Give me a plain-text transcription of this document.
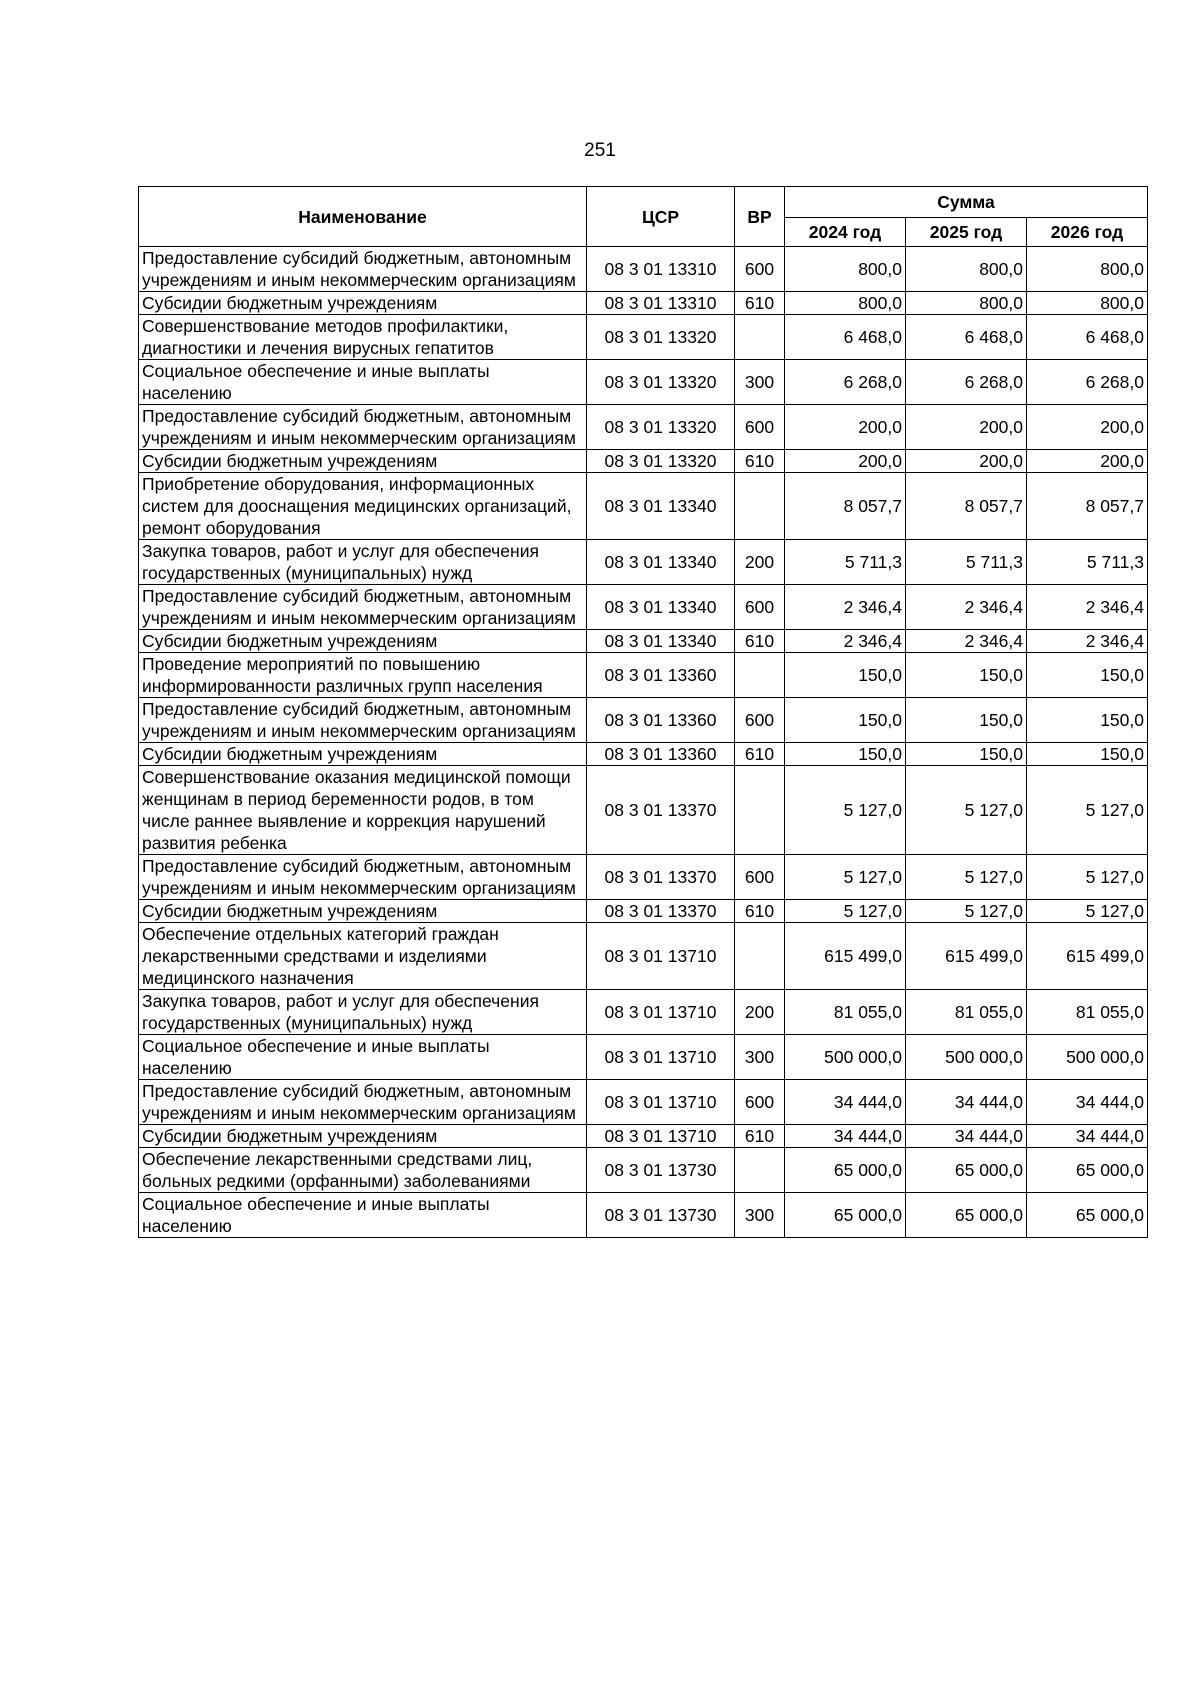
251
Наименование	ЦСР	ВР	Сумма		
			2024 год	2025 год	2026 год
Предоставление субсидий бюджетным, автономным учреждениям и иным некоммерческим организациям	08 3 01 13310	600	800,0	800,0	800,0
Субсидии бюджетным учреждениям	08 3 01 13310	610	800,0	800,0	800,0
Совершенствование методов профилактики, диагностики и лечения вирусных гепатитов	08 3 01 13320		6 468,0	6 468,0	6 468,0
Социальное обеспечение и иные выплаты населению	08 3 01 13320	300	6 268,0	6 268,0	6 268,0
Предоставление субсидий бюджетным, автономным учреждениям и иным некоммерческим организациям	08 3 01 13320	600	200,0	200,0	200,0
Субсидии бюджетным учреждениям	08 3 01 13320	610	200,0	200,0	200,0
Приобретение оборудования, информационных систем для дооснащения медицинских организаций, ремонт оборудования	08 3 01 13340		8 057,7	8 057,7	8 057,7
Закупка товаров, работ и услуг для обеспечения государственных (муниципальных) нужд	08 3 01 13340	200	5 711,3	5 711,3	5 711,3
Предоставление субсидий бюджетным, автономным учреждениям и иным некоммерческим организациям	08 3 01 13340	600	2 346,4	2 346,4	2 346,4
Субсидии бюджетным учреждениям	08 3 01 13340	610	2 346,4	2 346,4	2 346,4
Проведение мероприятий по повышению информированности различных групп населения	08 3 01 13360		150,0	150,0	150,0
Предоставление субсидий бюджетным, автономным учреждениям и иным некоммерческим организациям	08 3 01 13360	600	150,0	150,0	150,0
Субсидии бюджетным учреждениям	08 3 01 13360	610	150,0	150,0	150,0
Совершенствование оказания медицинской помощи женщинам в период беременности родов, в том числе раннее выявление и коррекция нарушений развития ребенка	08 3 01 13370		5 127,0	5 127,0	5 127,0
Предоставление субсидий бюджетным, автономным учреждениям и иным некоммерческим организациям	08 3 01 13370	600	5 127,0	5 127,0	5 127,0
Субсидии бюджетным учреждениям	08 3 01 13370	610	5 127,0	5 127,0	5 127,0
Обеспечение отдельных категорий граждан лекарственными средствами и изделиями медицинского назначения	08 3 01 13710		615 499,0	615 499,0	615 499,0
Закупка товаров, работ и услуг для обеспечения государственных (муниципальных) нужд	08 3 01 13710	200	81 055,0	81 055,0	81 055,0
Социальное обеспечение и иные выплаты населению	08 3 01 13710	300	500 000,0	500 000,0	500 000,0
Предоставление субсидий бюджетным, автономным учреждениям и иным некоммерческим организациям	08 3 01 13710	600	34 444,0	34 444,0	34 444,0
Субсидии бюджетным учреждениям	08 3 01 13710	610	34 444,0	34 444,0	34 444,0
Обеспечение лекарственными средствами лиц, больных редкими (орфанными) заболеваниями	08 3 01 13730		65 000,0	65 000,0	65 000,0
Социальное обеспечение и иные выплаты населению	08 3 01 13730	300	65 000,0	65 000,0	65 000,0
